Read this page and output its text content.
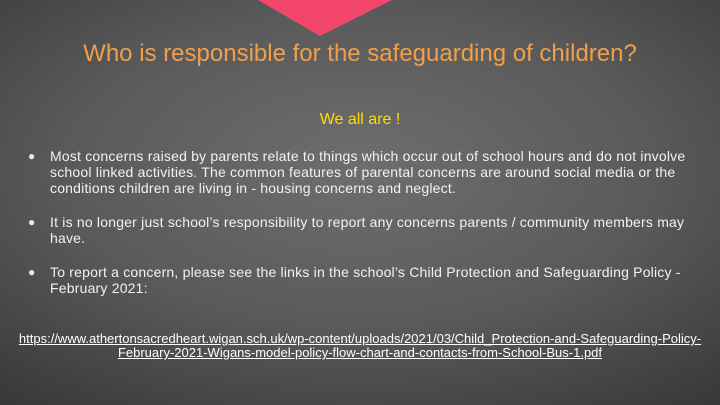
Who is responsible for the safeguarding of children?
We all are !
● Most concerns raised by parents relate to things which occur out of school hours and do not involve school linked activities. The common features of parental concerns are around social media or the conditions children are living in - housing concerns and neglect.
● It is no longer just school’s responsibility to report any concerns parents / community members may have.
● To report a concern, please see the links in the school’s Child Protection and Safeguarding Policy - February 2021:
https://www.athertonsacredheart.wigan.sch.uk/wp-content/uploads/2021/03/Child_Protection-and-Safeguarding-Policy-February-2021-Wigans-model-policy-flow-chart-and-contacts-from-School-Bus-1.pdf
